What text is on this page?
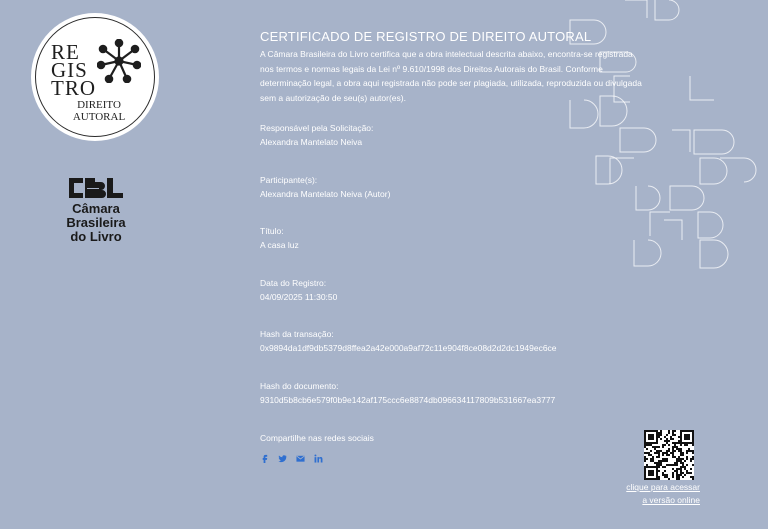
RE
GIS
TRO
DIREITO
AUTORAL
Câmara
Brasileira
do Livro
CERTIFICADO DE REGISTRO DE DIREITO AUTORAL

A Câmara Brasileira do Livro certifica que a obra intelectual descrita abaixo, encontra-se registrada nos termos e normas legais da Lei nº 9.610/1998 dos Direitos Autorais do Brasil. Conforme determinação legal, a obra aqui registrada não pode ser plagiada, utilizada, reproduzida ou divulgada sem a autorização de seu(s) autor(es).

Responsável pela Solicitação:
Alexandra Mantelato Neiva
Participante(s):
Alexandra Mantelato Neiva (Autor)
Título:
A casa luz
Data do Registro:
04/09/2025 11:30:50
Hash da transação:
0x9894da1df9db5379d8ffea2a42e000a9af72c11e904f8ce08d2d2dc1949ec6ce
Hash do documento:
9310d5b8cb6e579f0b9e142af175ccc6e8874db096634117809b531667ea3777
Compartilhe nas redes sociais
clique para acessar
a versão online
